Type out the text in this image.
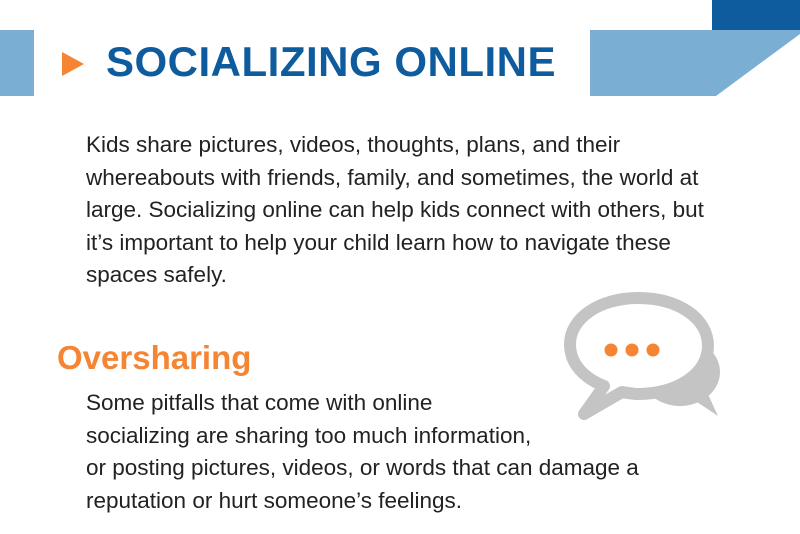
SOCIALIZING ONLINE
Kids share pictures, videos, thoughts, plans, and their whereabouts with friends, family, and sometimes, the world at large. Socializing online can help kids connect with others, but it’s important to help your child learn how to navigate these spaces safely.
Oversharing
Some pitfalls that come with online
socializing are sharing too much information,
or posting pictures, videos, or words that can damage a
reputation or hurt someone’s feelings.
